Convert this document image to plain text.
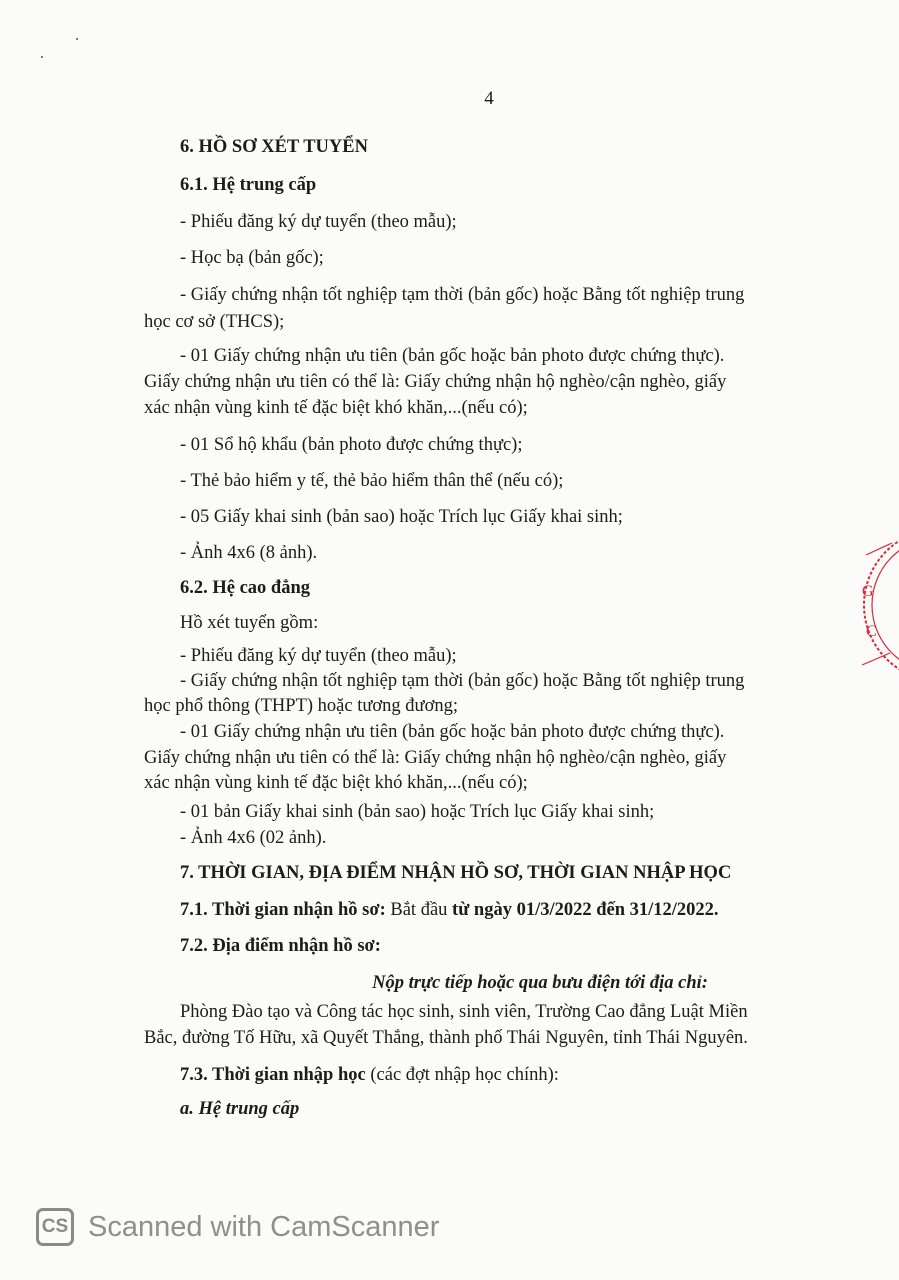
4
6. HỒ SƠ XÉT TUYỂN
6.1. Hệ trung cấp
- Phiếu đăng ký dự tuyển (theo mẫu);
- Học bạ (bản gốc);
- Giấy chứng nhận tốt nghiệp tạm thời (bản gốc) hoặc Bằng tốt nghiệp trung
học cơ sở (THCS);
- 01 Giấy chứng nhận ưu tiên (bản gốc hoặc bản photo được chứng thực).
Giấy chứng nhận ưu tiên có thể là: Giấy chứng nhận hộ nghèo/cận nghèo, giấy
xác nhận vùng kinh tế đặc biệt khó khăn,...(nếu có);
- 01 Sổ hộ khẩu (bản photo được chứng thực);
- Thẻ bảo hiểm y tế, thẻ bảo hiểm thân thể (nếu có);
- 05 Giấy khai sinh (bản sao) hoặc Trích lục Giấy khai sinh;
- Ảnh 4x6 (8 ảnh).
6.2. Hệ cao đẳng
Hồ xét tuyển gồm:
- Phiếu đăng ký dự tuyển (theo mẫu);
- Giấy chứng nhận tốt nghiệp tạm thời (bản gốc) hoặc Bằng tốt nghiệp trung
học phổ thông (THPT) hoặc tương đương;
- 01 Giấy chứng nhận ưu tiên (bản gốc hoặc bản photo được chứng thực).
Giấy chứng nhận ưu tiên có thể là: Giấy chứng nhận hộ nghèo/cận nghèo, giấy
xác nhận vùng kinh tế đặc biệt khó khăn,...(nếu có);
- 01 bản Giấy khai sinh (bản sao) hoặc Trích lục Giấy khai sinh;
- Ảnh 4x6 (02 ảnh).
7. THỜI GIAN, ĐỊA ĐIỂM NHẬN HỒ SƠ, THỜI GIAN NHẬP HỌC
7.1. Thời gian nhận hồ sơ: Bắt đầu từ ngày 01/3/2022 đến 31/12/2022.
7.2. Địa điểm nhận hồ sơ:
Nộp trực tiếp hoặc qua bưu điện tới địa chỉ:
Phòng Đào tạo và Công tác học sinh, sinh viên, Trường Cao đẳng Luật Miền
Bắc, đường Tố Hữu, xã Quyết Thắng, thành phố Thái Nguyên, tỉnh Thái Nguyên.
7.3. Thời gian nhập học (các đợt nhập học chính):
a. Hệ trung cấp
G
C
CS Scanned with CamScanner
